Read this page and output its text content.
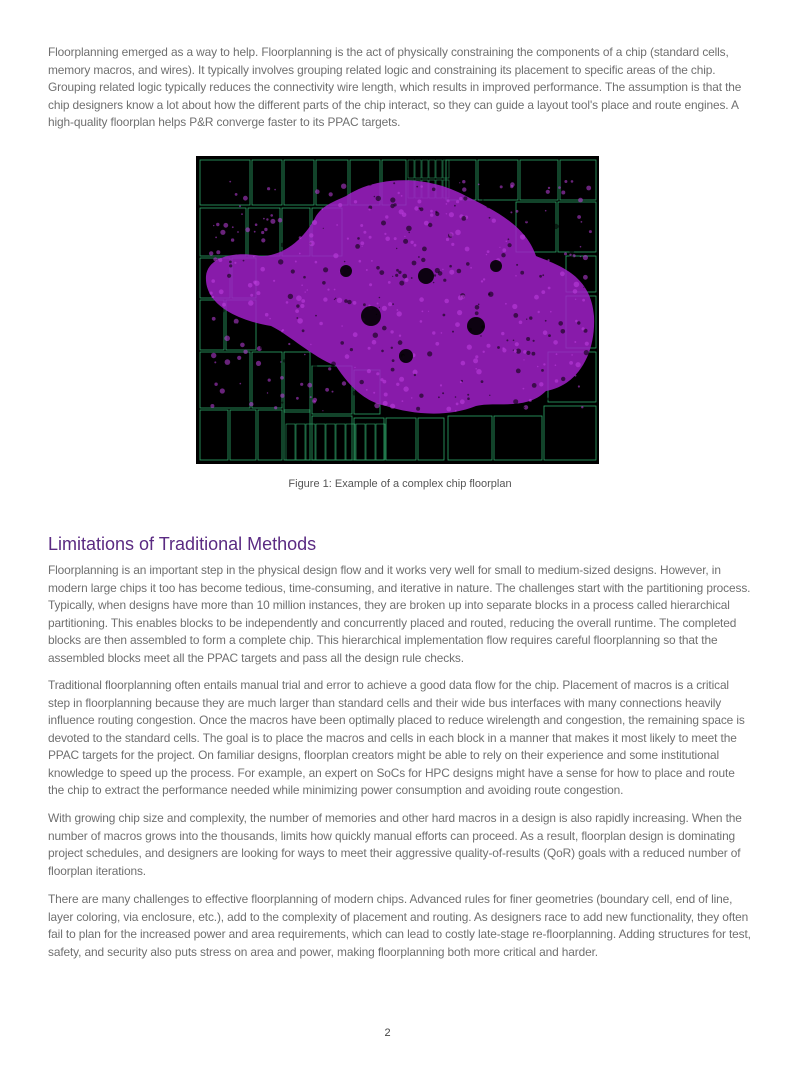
Floorplanning emerged as a way to help. Floorplanning is the act of physically constraining the components of a chip (standard cells, memory macros, and wires). It typically involves grouping related logic and constraining its placement to specific areas of the chip. Grouping related logic typically reduces the connectivity wire length, which results in improved performance. The assumption is that the chip designers know a lot about how the different parts of the chip interact, so they can guide a layout tool's place and route engines. A high-quality floorplan helps P&R converge faster to its PPAC targets.

Figure 1: Example of a complex chip floorplan
Limitations of Traditional Methods

Floorplanning is an important step in the physical design flow and it works very well for small to medium-sized designs. However, in modern large chips it too has become tedious, time-consuming, and iterative in nature. The challenges start with the partitioning process. Typically, when designs have more than 10 million instances, they are broken up into separate blocks in a process called hierarchical partitioning. This enables blocks to be independently and concurrently placed and routed, reducing the overall runtime. The completed blocks are then assembled to form a complete chip. This hierarchical implementation flow requires careful floorplanning so that the assembled blocks meet all the PPAC targets and pass all the design rule checks.

Traditional floorplanning often entails manual trial and error to achieve a good data flow for the chip. Placement of macros is a critical step in floorplanning because they are much larger than standard cells and their wide bus interfaces with many connections heavily influence routing congestion. Once the macros have been optimally placed to reduce wirelength and congestion, the remaining space is devoted to the standard cells. The goal is to place the macros and cells in each block in a manner that makes it most likely to meet the PPAC targets for the project. On familiar designs, floorplan creators might be able to rely on their experience and some institutional knowledge to speed up the process. For example, an expert on SoCs for HPC designs might have a sense for how to place and route the chip to extract the performance needed while minimizing power consumption and avoiding route congestion.

With growing chip size and complexity, the number of memories and other hard macros in a design is also rapidly increasing. When the number of macros grows into the thousands, limits how quickly manual efforts can proceed. As a result, floorplan design is dominating project schedules, and designers are looking for ways to meet their aggressive quality-of-results (QoR) goals with a reduced number of floorplan iterations.

There are many challenges to effective floorplanning of modern chips. Advanced rules for finer geometries (boundary cell, end of line, layer coloring, via enclosure, etc.), add to the complexity of placement and routing. As designers race to add new functionality, they often fail to plan for the increased power and area requirements, which can lead to costly late-stage re-floorplanning. Adding structures for test, safety, and security also puts stress on area and power, making floorplanning both more critical and harder.

2
